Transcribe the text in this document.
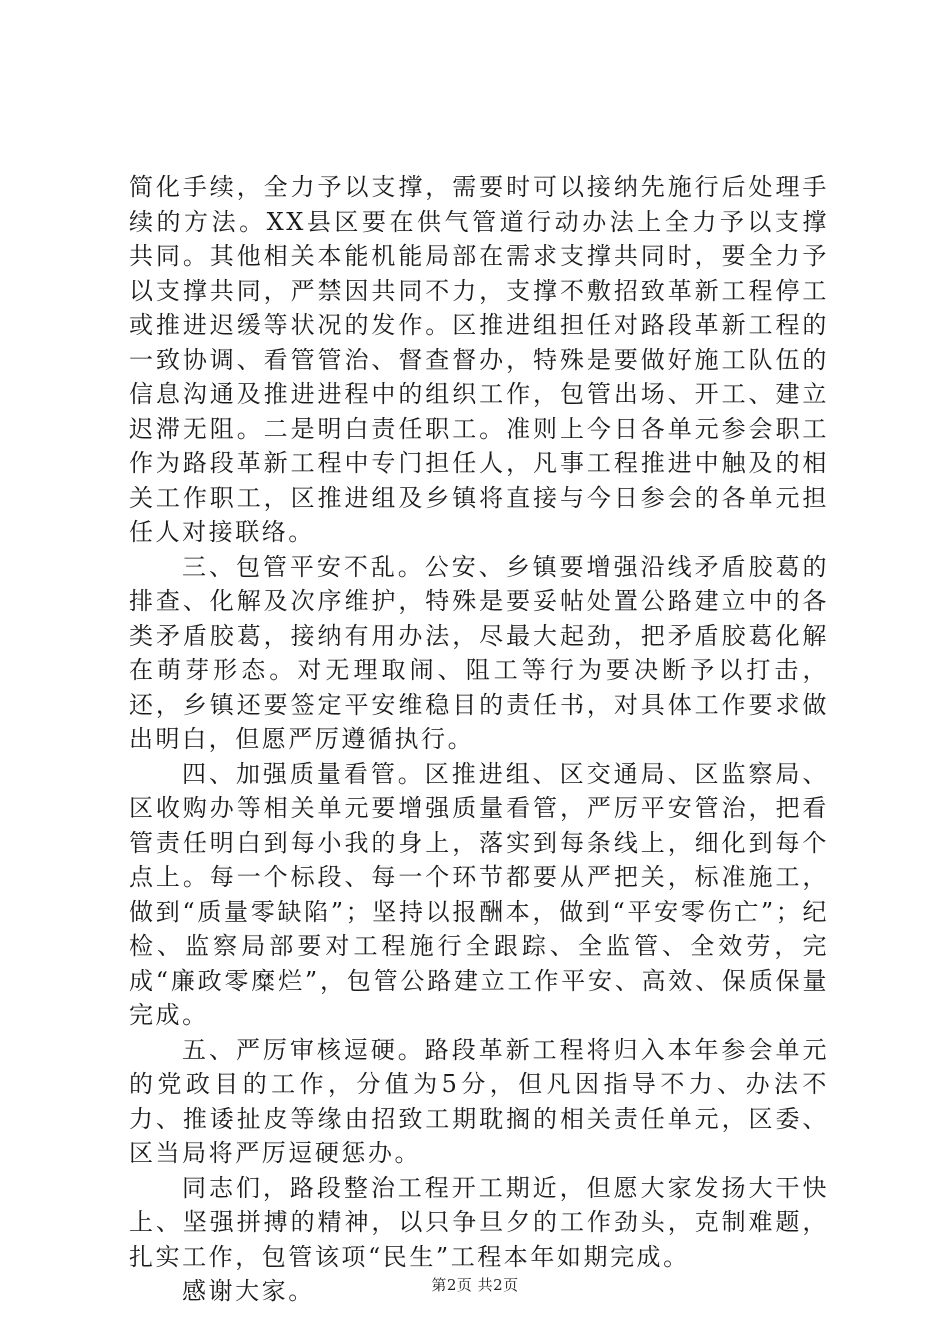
简化手续，全力予以支撑，需要时可以接纳先施行后处理手续的方法。XX县区要在供气管道行动办法上全力予以支撑共同。其他相关本能机能局部在需求支撑共同时，要全力予以支撑共同，严禁因共同不力，支撑不敷招致革新工程停工或推进迟缓等状况的发作。区推进组担任对路段革新工程的一致协调、看管管治、督查督办，特殊是要做好施工队伍的信息沟通及推进进程中的组织工作，包管出场、开工、建立迟滞无阻。二是明白责任职工。准则上今日各单元参会职工作为路段革新工程中专门担任人，凡事工程推进中触及的相关工作职工，区推进组及乡镇将直接与今日参会的各单元担任人对接联络。

三、包管平安不乱。公安、乡镇要增强沿线矛盾胶葛的排查、化解及次序维护，特殊是要妥帖处置公路建立中的各类矛盾胶葛，接纳有用办法，尽最大起劲，把矛盾胶葛化解在萌芽形态。对无理取闹、阻工等行为要决断予以打击，还，乡镇还要签定平安维稳目的责任书，对具体工作要求做出明白，但愿严厉遵循执行。

四、加强质量看管。区推进组、区交通局、区监察局、区收购办等相关单元要增强质量看管，严厉平安管治，把看管责任明白到每小我的身上，落实到每条线上，细化到每个点上。每一个标段、每一个环节都要从严把关，标准施工，做到“质量零缺陷”；坚持以报酬本，做到“平安零伤亡”；纪检、监察局部要对工程施行全跟踪、全监管、全效劳，完成“廉政零糜烂”，包管公路建立工作平安、高效、保质保量完成。

五、严厉审核逗硬。路段革新工程将归入本年参会单元的党政目的工作，分值为5分，但凡因指导不力、办法不力、推诿扯皮等缘由招致工期耽搁的相关责任单元，区委、区当局将严厉逗硬惩办。

同志们，路段整治工程开工期近，但愿大家发扬大干快上、坚强拼搏的精神，以只争旦夕的工作劲头，克制难题，扎实工作，包管该项“民生”工程本年如期完成。

感谢大家。	第2页 共2页
